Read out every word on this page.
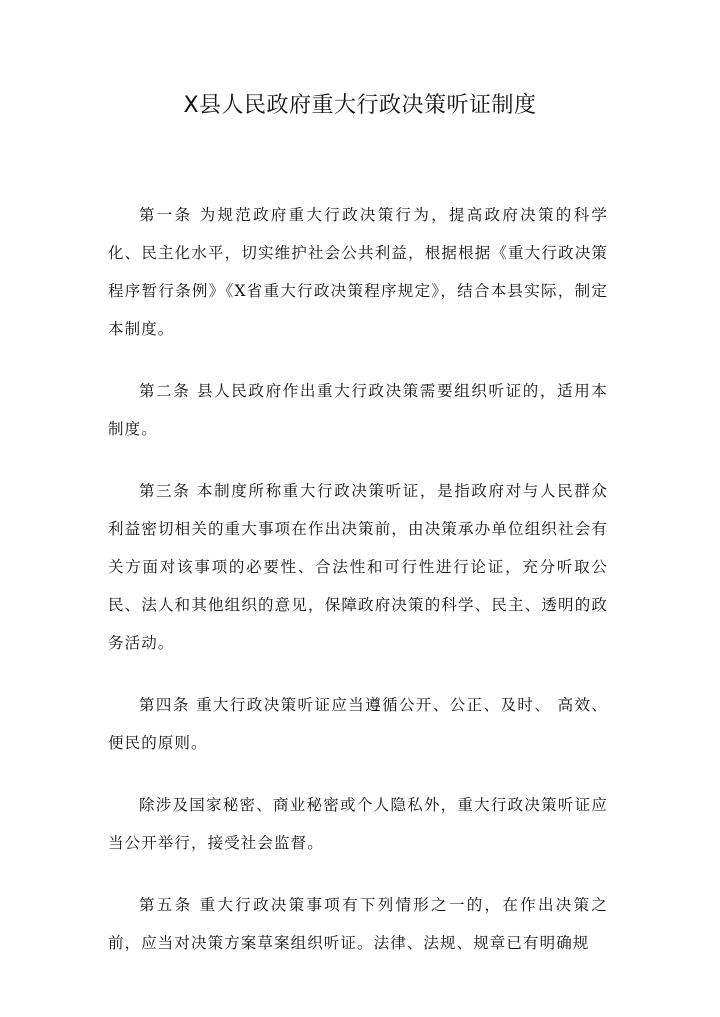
X县人民政府重大行政决策听证制度

第一条 为规范政府重大行政决策行为，提高政府决策的科学化、民主化水平，切实维护社会公共利益，根据根据《重大行政决策程序暂行条例》《X省重大行政决策程序规定》，结合本县实际，制定本制度。

第二条 县人民政府作出重大行政决策需要组织听证的，适用本制度。

第三条 本制度所称重大行政决策听证，是指政府对与人民群众利益密切相关的重大事项在作出决策前，由决策承办单位组织社会有关方面对该事项的必要性、合法性和可行性进行论证，充分听取公民、法人和其他组织的意见，保障政府决策的科学、民主、透明的政务活动。

第四条 重大行政决策听证应当遵循公开、公正、及时、 高效、便民的原则。

除涉及国家秘密、商业秘密或个人隐私外，重大行政决策听证应当公开举行，接受社会监督。

第五条 重大行政决策事项有下列情形之一的，在作出决策之前，应当对决策方案草案组织听证。法律、法规、规章已有明确规
